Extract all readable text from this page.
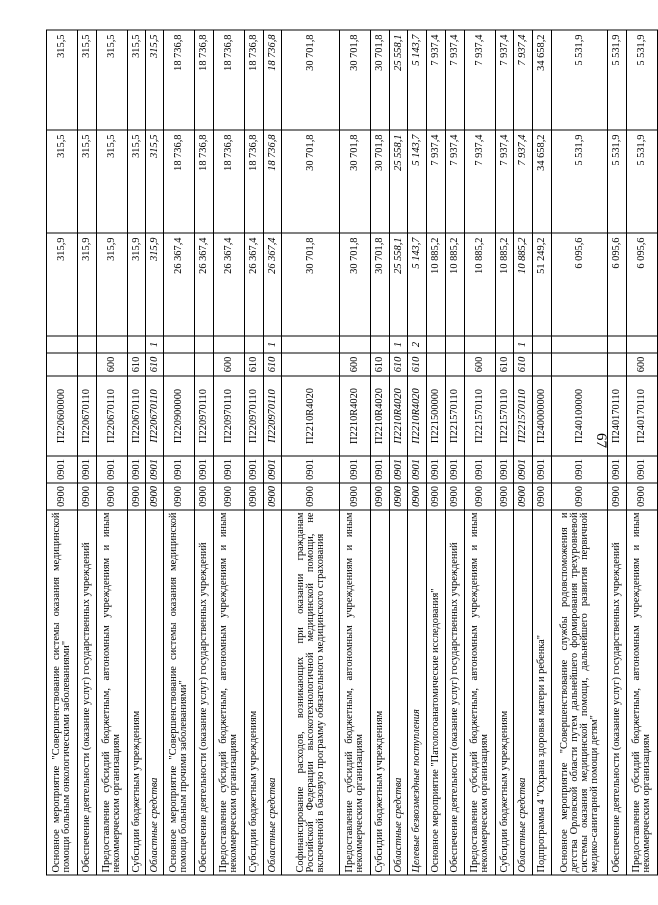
67
Основное мероприятие "Совершенствование системы оказания медицинской помощи больным онкологическими заболеваниями"	0900	0901	П220600000			315,9	315,5	315,5
Обеспечение деятельности (оказание услуг) государственных учреждений	0900	0901	П220670110			315,9	315,5	315,5
Предоставление субсидий бюджетным, автономным учреждениям и иным некоммерческим организациям	0900	0901	П220670110	600		315,9	315,5	315,5
Субсидии бюджетным учреждениям	0900	0901	П220670110	610		315,9	315,5	315,5
Областные средства	0900	0901	П220670110	610	1	315,9	315,5	315,5
Основное мероприятие "Совершенствование системы оказания медицинской помощи больным прочими заболеваниями"	0900	0901	П220900000			26 367,4	18 736,8	18 736,8
Обеспечение деятельности (оказание услуг) государственных учреждений	0900	0901	П220970110			26 367,4	18 736,8	18 736,8
Предоставление субсидий бюджетным, автономным учреждениям и иным некоммерческим организациям	0900	0901	П220970110	600		26 367,4	18 736,8	18 736,8
Субсидии бюджетным учреждениям	0900	0901	П220970110	610		26 367,4	18 736,8	18 736,8
Областные средства	0900	0901	П220970110	610	1	26 367,4	18 736,8	18 736,8
Софинансирование расходов, возникающих при оказании гражданам Российской Федерации высокотехнологичной медицинской помощи, не включенной в базовую программу обязательного медицинского страхования	0900	0901	П2210R4020			30 701,8	30 701,8	30 701,8
Предоставление субсидий бюджетным, автономным учреждениям и иным некоммерческим организациям	0900	0901	П2210R4020	600		30 701,8	30 701,8	30 701,8
Субсидии бюджетным учреждениям	0900	0901	П2210R4020	610		30 701,8	30 701,8	30 701,8
Областные средства	0900	0901	П2210R4020	610	1	25 558,1	25 558,1	25 558,1
Целевые безвозмездные поступления	0900	0901	П2210R4020	610	2	5 143,7	5 143,7	5 143,7
Основное мероприятие "Патологоанатомические исследования"	0900	0901	П221500000			10 885,2	7 937,4	7 937,4
Обеспечение деятельности (оказание услуг) государственных учреждений	0900	0901	П221570110			10 885,2	7 937,4	7 937,4
Предоставление субсидий бюджетным, автономным учреждениям и иным некоммерческим организациям	0900	0901	П221570110	600		10 885,2	7 937,4	7 937,4
Субсидии бюджетным учреждениям	0900	0901	П221570110	610		10 885,2	7 937,4	7 937,4
Областные средства	0900	0901	П221570110	610	1	10 885,2	7 937,4	7 937,4
Подпрограмма 4 "Охрана здоровья матери и ребенка"	0900	0901	П240000000			51 249,2	34 658,2	34 658,2
Основное мероприятие "Совершенствование службы родовспоможения и детства Орловской области путем дальнейшего формирования трехуровневой системы оказания медицинской помощи, дальнейшего развития первичной медико-санитарной помощи детям"	0900	0901	П240100000			6 095,6	5 531,9	5 531,9
Обеспечение деятельности (оказание услуг) государственных учреждений	0900	0901	П240170110			6 095,6	5 531,9	5 531,9
Предоставление субсидий бюджетным, автономным учреждениям и иным некоммерческим организациям	0900	0901	П240170110	600		6 095,6	5 531,9	5 531,9
